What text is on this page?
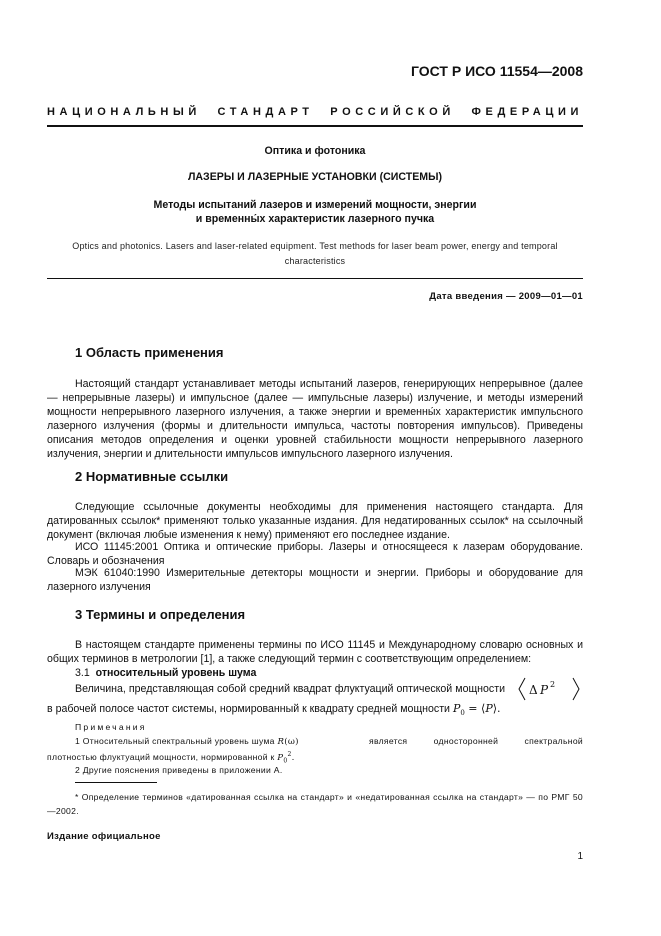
ГОСТ Р ИСО 11554—2008
НАЦИОНАЛЬНЫЙ СТАНДАРТ РОССИЙСКОЙ ФЕДЕРАЦИИ
Оптика и фотоника
ЛАЗЕРЫ И ЛАЗЕРНЫЕ УСТАНОВКИ (СИСТЕМЫ)
Методы испытаний лазеров и измерений мощности, энергии
и временны́х характеристик лазерного пучка
Optics and photonics. Lasers and laser-related equipment. Test methods for laser beam power, energy and temporal
characteristics
Дата введения — 2009—01—01
1 Область применения
Настоящий стандарт устанавливает методы испытаний лазеров, генерирующих непрерывное (далее — непрерывные лазеры) и импульсное (далее — импульсные лазеры) излучение, и методы измерений мощности непрерывного лазерного излучения, а также энергии и временны́х характеристик импульсного лазерного излучения (формы и длительности импульса, частоты повторения импульсов). Приведены описания методов определения и оценки уровней стабильности мощности непрерывного лазерного излучения, энергии и длительности импульсов импульсного лазерного излучения.
2 Нормативные ссылки
Следующие ссылочные документы необходимы для применения настоящего стандарта. Для датированных ссылок* применяют только указанные издания. Для недатированных ссылок* на ссылочный документ (включая любые изменения к нему) применяют его последнее издание.
ИСО 11145:2001 Оптика и оптические приборы. Лазеры и относящееся к лазерам оборудование. Словарь и обозначения
МЭК 61040:1990 Измерительные детекторы мощности и энергии. Приборы и оборудование для лазерного излучения
3 Термины и определения
В настоящем стандарте применены термины по ИСО 11145 и Международному словарю основных и общих терминов в метрологии [1], а также следующий термин с соответствующим определением:
3.1 относительный уровень шума
Величина, представляющая собой средний квадрат флуктуаций оптической мощности Δ P 2
в рабочей полосе частот системы, нормированный к квадрату средней мощности $P_0$ = ⟨P⟩.
Примечания
1 Относительный спектральный уровень шума R(ω)	является односторонней спектральной плотностью флуктуаций мощности, нормированной к $P_0^2$.
2 Другие пояснения приведены в приложении А.
* Определение терминов «датированная ссылка на стандарт» и «недатированная ссылка на стандарт» — по РМГ 50—2002.
Издание официальное
1
